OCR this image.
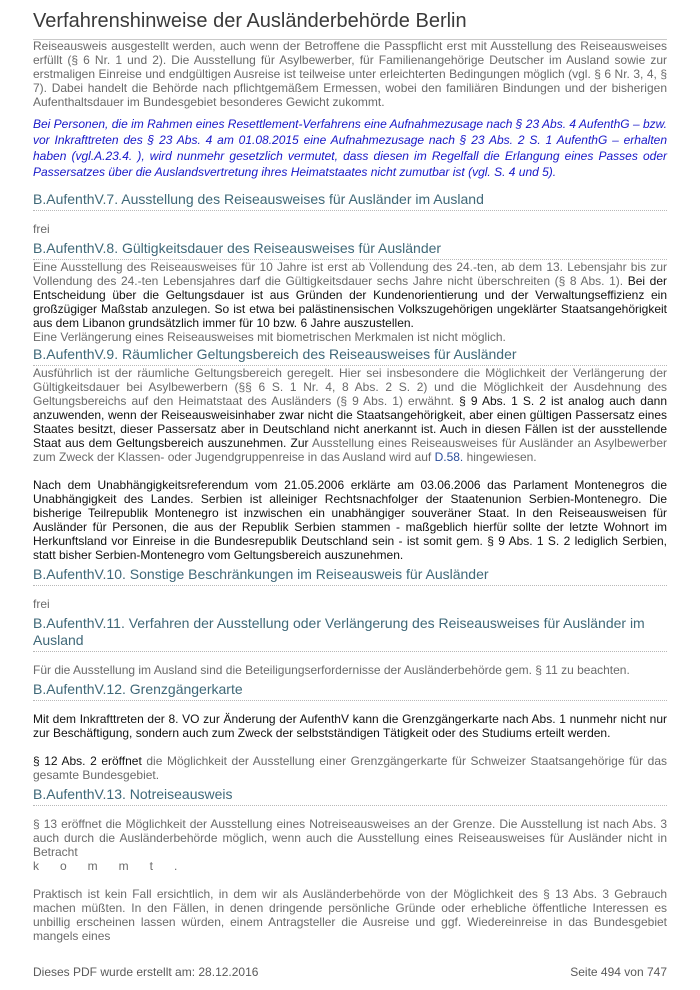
Verfahrenshinweise der Ausländerbehörde Berlin

Reiseausweis ausgestellt werden, auch wenn der Betroffene die Passpflicht erst mit Ausstellung des Reiseausweises erfüllt (§ 6 Nr. 1 und 2). Die Ausstellung für Asylbewerber, für Familienangehörige Deutscher im Ausland sowie zur erstmaligen Einreise und endgültigen Ausreise ist teilweise unter erleichterten Bedingungen möglich (vgl. § 6 Nr. 3, 4, § 7). Dabei handelt die Behörde nach pflichtgemäßem Ermessen, wobei den familiären Bindungen und der bisherigen Aufenthaltsdauer im Bundesgebiet besonderes Gewicht zukommt.

Bei Personen, die im Rahmen eines Resettlement-Verfahrens eine Aufnahmezusage nach § 23 Abs. 4 AufenthG – bzw. vor Inkrafttreten des § 23 Abs. 4 am 01.08.2015 eine Aufnahmezusage nach § 23 Abs. 2 S. 1 AufenthG – erhalten haben (vgl.A.23.4. ), wird nunmehr gesetzlich vermutet, dass diesen im Regelfall die Erlangung eines Passes oder Passersatzes über die Auslandsvertretung ihres Heimatstaates nicht zumutbar ist (vgl. S. 4 und 5).

B.AufenthV.7. Ausstellung des Reiseausweises für Ausländer im Ausland

frei

B.AufenthV.8. Gültigkeitsdauer des Reiseausweises für Ausländer

Eine Ausstellung des Reiseausweises für 10 Jahre ist erst ab Vollendung des 24.-ten, ab dem 13. Lebensjahr bis zur Vollendung des 24.-ten Lebensjahres darf die Gültigkeitsdauer sechs Jahre nicht überschreiten (§ 8 Abs. 1). Bei der Entscheidung über die Geltungsdauer ist aus Gründen der Kundenorientierung und der Verwaltungseffizienz ein großzügiger Maßstab anzulegen. So ist etwa bei palästinensischen Volkszugehörigen ungeklärter Staatsangehörigkeit aus dem Libanon grundsätzlich immer für 10 bzw. 6 Jahre auszustellen.

Eine Verlängerung eines Reiseausweises mit biometrischen Merkmalen ist nicht möglich.

B.AufenthV.9. Räumlicher Geltungsbereich des Reiseausweises für Ausländer

Ausführlich ist der räumliche Geltungsbereich geregelt. Hier sei insbesondere die Möglichkeit der Verlängerung der Gültigkeitsdauer bei Asylbewerbern (§§ 6 S. 1 Nr. 4, 8 Abs. 2 S. 2) und die Möglichkeit der Ausdehnung des Geltungsbereichs auf den Heimatstaat des Ausländers (§ 9 Abs. 1) erwähnt. § 9 Abs. 1 S. 2 ist analog auch dann anzuwenden, wenn der Reiseausweisinhaber zwar nicht die Staatsangehörigkeit, aber einen gültigen Passersatz eines Staates besitzt, dieser Passersatz aber in Deutschland nicht anerkannt ist. Auch in diesen Fällen ist der ausstellende Staat aus dem Geltungsbereich auszunehmen. Zur Ausstellung eines Reiseausweises für Ausländer an Asylbewerber zum Zweck der Klassen- oder Jugendgruppenreise in das Ausland wird auf D.58. hingewiesen.

Nach dem Unabhängigkeitsreferendum vom 21.05.2006 erklärte am 03.06.2006 das Parlament Montenegros die Unabhängigkeit des Landes. Serbien ist alleiniger Rechtsnachfolger der Staatenunion Serbien-Montenegro. Die bisherige Teilrepublik Montenegro ist inzwischen ein unabhängiger souveräner Staat. In den Reiseausweisen für Ausländer für Personen, die aus der Republik Serbien stammen - maßgeblich hierfür sollte der letzte Wohnort im Herkunftsland vor Einreise in die Bundesrepublik Deutschland sein - ist somit gem. § 9 Abs. 1 S. 2 lediglich Serbien, statt bisher Serbien-Montenegro vom Geltungsbereich auszunehmen.

B.AufenthV.10. Sonstige Beschränkungen im Reiseausweis für Ausländer

frei

B.AufenthV.11. Verfahren der Ausstellung oder Verlängerung des Reiseausweises für Ausländer im Ausland

Für die Ausstellung im Ausland sind die Beteiligungserfordernisse der Ausländerbehörde gem. § 11 zu beachten.

B.AufenthV.12. Grenzgängerkarte

Mit dem Inkrafttreten der 8. VO zur Änderung der AufenthV kann die Grenzgängerkarte nach Abs. 1 nunmehr nicht nur zur Beschäftigung, sondern auch zum Zweck der selbstständigen Tätigkeit oder des Studiums erteilt werden.

§ 12 Abs. 2 eröffnet die Möglichkeit der Ausstellung einer Grenzgängerkarte für Schweizer Staatsangehörige für das gesamte Bundesgebiet.

B.AufenthV.13. Notreiseausweis

§ 13 eröffnet die Möglichkeit der Ausstellung eines Notreiseausweises an der Grenze. Die Ausstellung ist nach Abs. 3 auch durch die Ausländerbehörde möglich, wenn auch die Ausstellung eines Reiseausweises für Ausländer nicht in Betracht

kommt.

Praktisch ist kein Fall ersichtlich, in dem wir als Ausländerbehörde von der Möglichkeit des § 13 Abs. 3 Gebrauch machen müßten. In den Fällen, in denen dringende persönliche Gründe oder erhebliche öffentliche Interessen es unbillig erscheinen lassen würden, einem Antragsteller die Ausreise und ggf. Wiedereinreise in das Bundesgebiet mangels eines

Dieses PDF wurde erstellt am: 28.12.2016	Seite 494 von 747
